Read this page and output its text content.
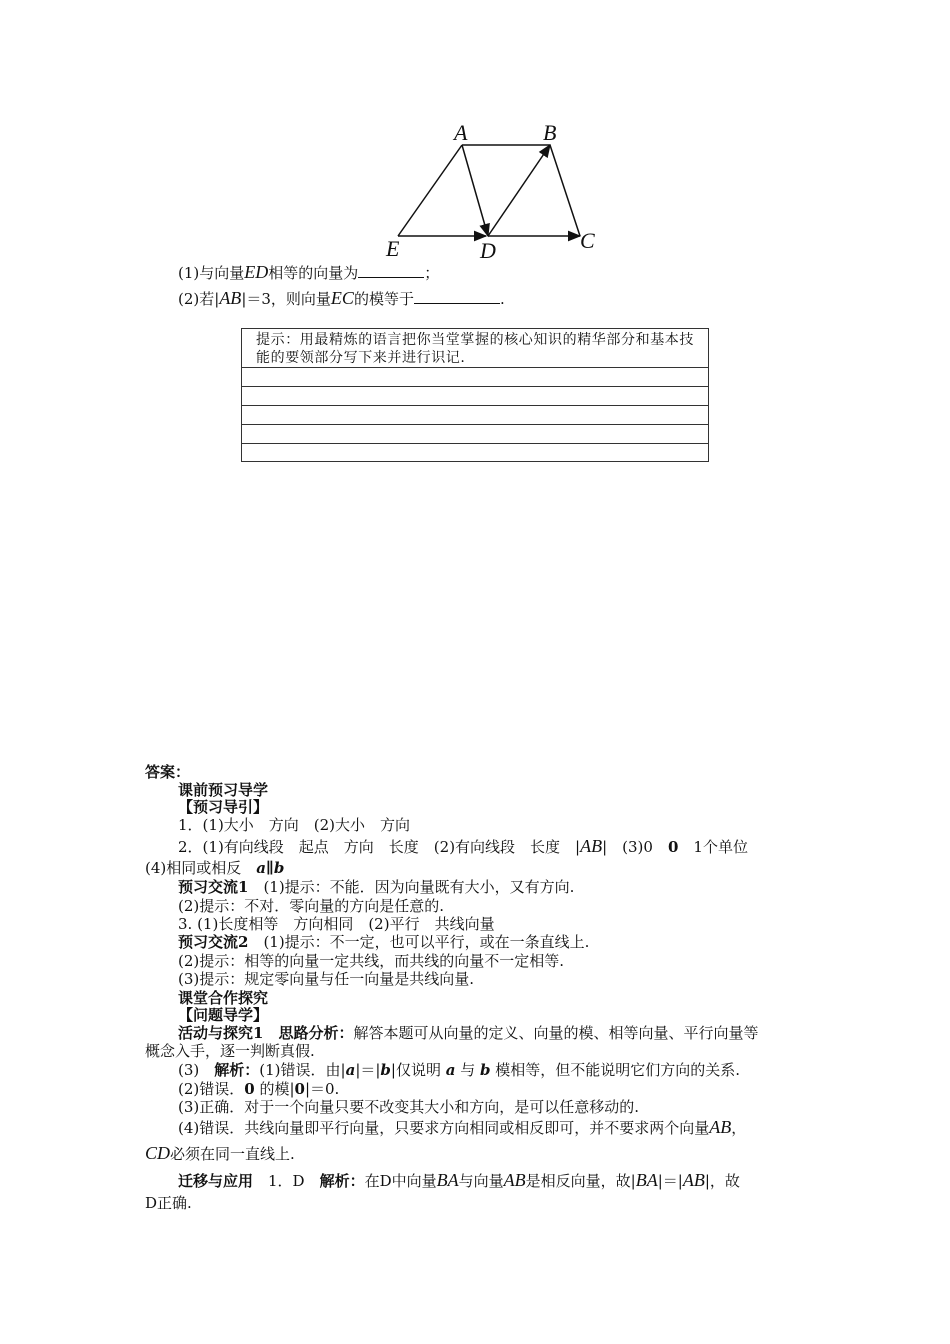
A	B
C
D
E
(1)与向量ED相等的向量为	；
(2)若|AB|＝3，则向量EC的模等于	.
提示：用最精炼的语言把你当堂掌握的核心知识的精华部分和基本技能的要领部分写下来并进行识记.
答案：
课前预习导学
【预习导引】
1．(1)大小　方向　(2)大小　方向
2．(1)有向线段　起点　方向　长度　(2)有向线段　长度　|AB|　(3)0　0　1个单位
(4)相同或相反　a∥b
预习交流1　(1)提示：不能．因为向量既有大小，又有方向.
(2)提示：不对．零向量的方向是任意的.
3. (1)长度相等　方向相同　(2)平行　共线向量
预习交流2　(1)提示：不一定，也可以平行，或在一条直线上.
(2)提示：相等的向量一定共线，而共线的向量不一定相等.
(3)提示：规定零向量与任一向量是共线向量.
课堂合作探究
【问题导学】
活动与探究1　 思路分析：解答本题可从向量的定义、向量的模、相等向量、平行向量等
概念入手，逐一判断真假.
(3)　解析：(1)错误．由|a|＝|b|仅说明 a 与 b 模相等，但不能说明它们方向的关系.
(2)错误．0 的模|0|＝0.
(3)正确．对于一个向量只要不改变其大小和方向，是可以任意移动的.
(4)错误．共线向量即平行向量，只要求方向相同或相反即可，并不要求两个向量AB，
CD必须在同一直线上.
迁移与应用　1．D　解析：在D中向量BA与向量AB是相反向量，故|BA|＝|AB|，故
D正确.
